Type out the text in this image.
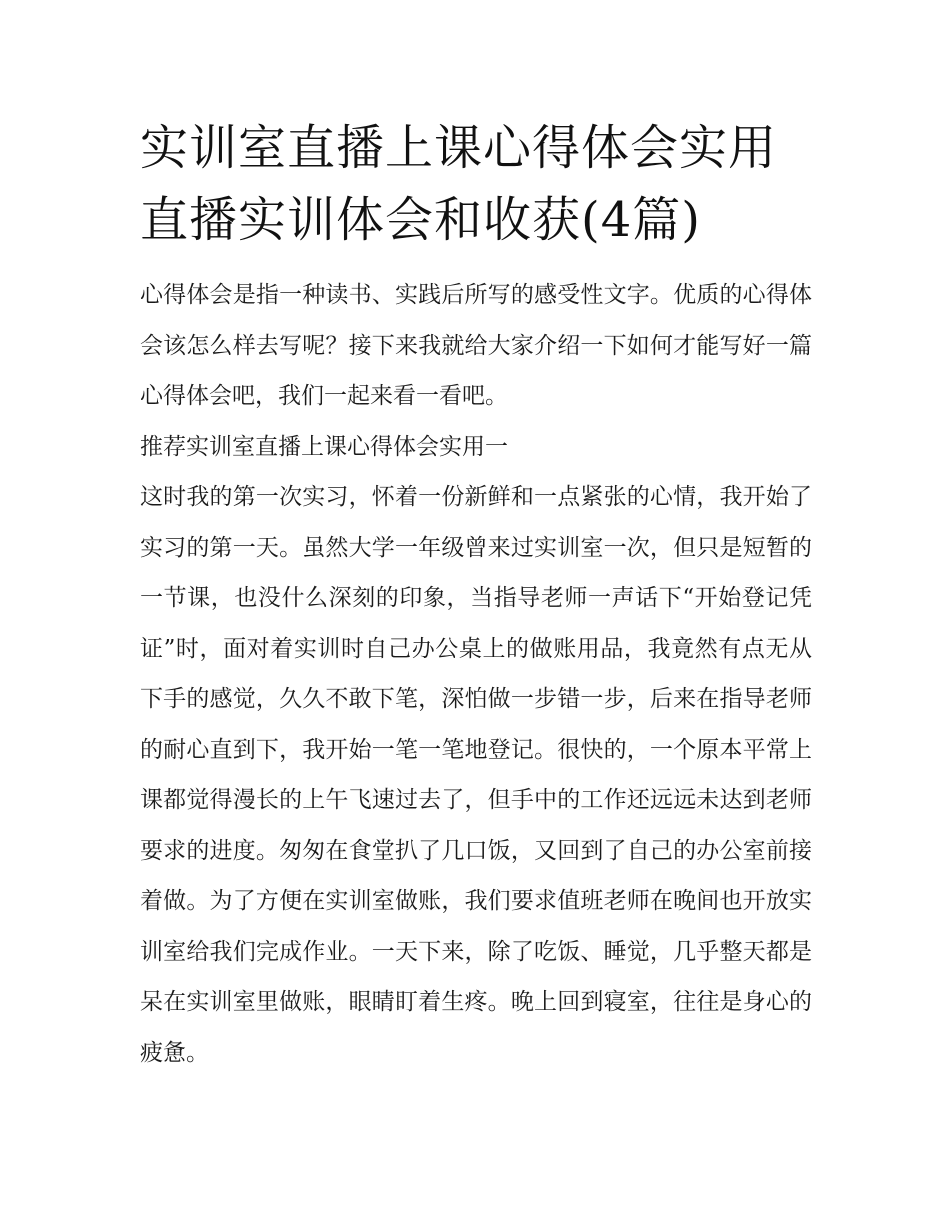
实训室直播上课心得体会实用直播实训体会和收获(4篇)

心得体会是指一种读书、实践后所写的感受性文字。优质的心得体会该怎么样去写呢？接下来我就给大家介绍一下如何才能写好一篇心得体会吧，我们一起来看一看吧。

推荐实训室直播上课心得体会实用一

这时我的第一次实习，怀着一份新鲜和一点紧张的心情，我开始了实习的第一天。虽然大学一年级曾来过实训室一次，但只是短暂的一节课，也没什么深刻的印象，当指导老师一声话下“开始登记凭证”时，面对着实训时自己办公桌上的做账用品，我竟然有点无从下手的感觉，久久不敢下笔，深怕做一步错一步，后来在指导老师的耐心直到下，我开始一笔一笔地登记。很快的，一个原本平常上课都觉得漫长的上午飞速过去了，但手中的工作还远远未达到老师要求的进度。匆匆在食堂扒了几口饭，又回到了自己的办公室前接着做。为了方便在实训室做账，我们要求值班老师在晚间也开放实训室给我们完成作业。一天下来，除了吃饭、睡觉，几乎整天都是呆在实训室里做账，眼睛盯着生疼。晚上回到寝室，往往是身心的疲惫。
